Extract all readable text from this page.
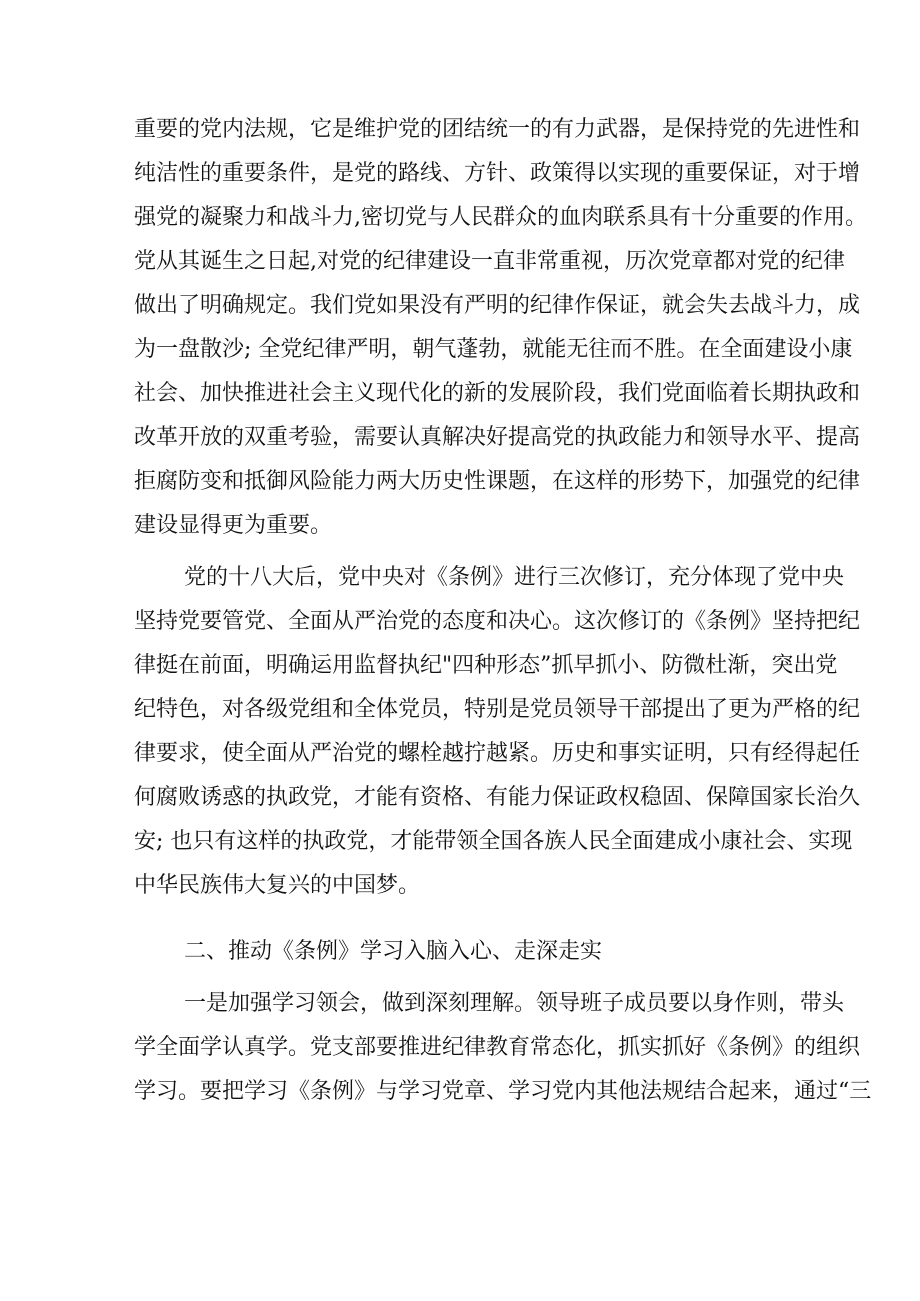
重要的党内法规，它是维护党的团结统一的有力武器，是保持党的先进性和
纯洁性的重要条件，是党的路线、方针、政策得以实现的重要保证，对于增
强党的凝聚力和战斗力,密切党与人民群众的血肉联系具有十分重要的作用。
党从其诞生之日起,对党的纪律建设一直非常重视，历次党章都对党的纪律
做出了明确规定。我们党如果没有严明的纪律作保证，就会失去战斗力，成
为一盘散沙; 全党纪律严明，朝气蓬勃，就能无往而不胜。在全面建设小康
社会、加快推进社会主义现代化的新的发展阶段，我们党面临着长期执政和
改革开放的双重考验，需要认真解决好提高党的执政能力和领导水平、提高
拒腐防变和抵御风险能力两大历史性课题，在这样的形势下，加强党的纪律
建设显得更为重要。
党的十八大后，党中央对《条例》进行三次修订，充分体现了党中央
坚持党要管党、全面从严治党的态度和决心。这次修订的《条例》坚持把纪
律挺在前面，明确运用监督执纪"四种形态”抓早抓小、防微杜渐，突出党
纪特色，对各级党组和全体党员，特别是党员领导干部提出了更为严格的纪
律要求，使全面从严治党的螺栓越拧越紧。历史和事实证明，只有经得起任
何腐败诱惑的执政党，才能有资格、有能力保证政权稳固、保障国家长治久
安; 也只有这样的执政党，才能带领全国各族人民全面建成小康社会、实现
中华民族伟大复兴的中国梦。
二、推动《条例》学习入脑入心、走深走实
一是加强学习领会，做到深刻理解。领导班子成员要以身作则，带头
学全面学认真学。党支部要推进纪律教育常态化，抓实抓好《条例》的组织
学习。要把学习《条例》与学习党章、学习党内其他法规结合起来，通过“三
